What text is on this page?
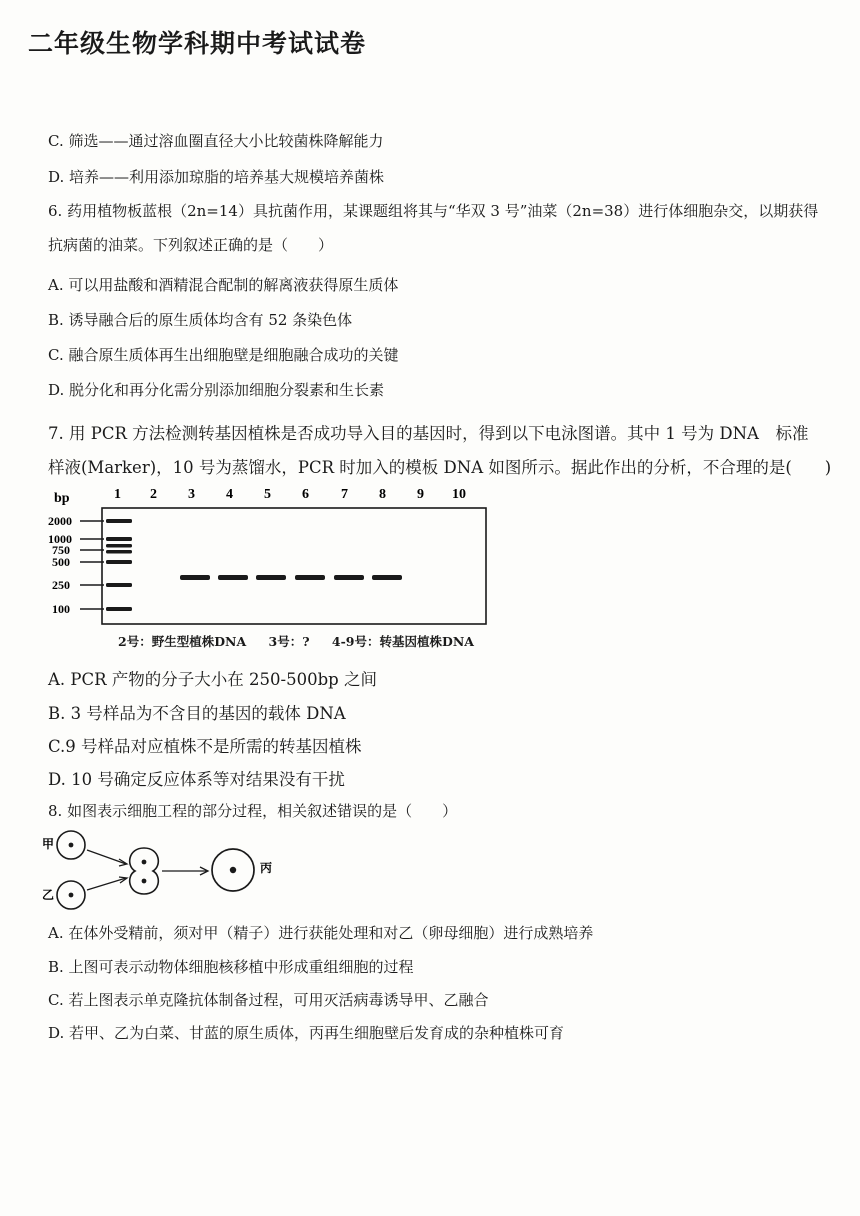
二年级生物学科期中考试试卷
C. 筛选——通过溶血圈直径大小比较菌株降解能力
D. 培养——利用添加琼脂的培养基大规模培养菌株
6. 药用植物板蓝根（2n=14）具抗菌作用，某课题组将其与“华双 3 号”油菜（2n=38）进行体细胞杂交，以期获得
抗病菌的油菜。下列叙述正确的是（　　）
A. 可以用盐酸和酒精混合配制的解离液获得原生质体
B. 诱导融合后的原生质体均含有 52 条染色体
C. 融合原生质体再生出细胞壁是细胞融合成功的关键
D. 脱分化和再分化需分别添加细胞分裂素和生长素
7. 用 PCR 方法检测转基因植株是否成功导入目的基因时，得到以下电泳图谱。其中 1 号为 DNA　标准
样液(Marker)，10 号为蒸馏水，PCR 时加入的模板 DNA 如图所示。据此作出的分析，不合理的是(　　)
bp	1 2 3 4 5 6 7 8 9 10
2000
1000
750
500
250
100
2号：野生型植株DNA 3号：? 4-9号：转基因植株DNA
A. PCR 产物的分子大小在 250-500bp 之间
B. 3 号样品为不含目的基因的载体 DNA
C.9 号样品对应植株不是所需的转基因植株
D. 10 号确定反应体系等对结果没有干扰
8. 如图表示细胞工程的部分过程，相关叙述错误的是（　　）
甲
乙
丙
A. 在体外受精前，须对甲（精子）进行获能处理和对乙（卵母细胞）进行成熟培养
B. 上图可表示动物体细胞核移植中形成重组细胞的过程
C. 若上图表示单克隆抗体制备过程，可用灭活病毒诱导甲、乙融合
D. 若甲、乙为白菜、甘蓝的原生质体，丙再生细胞壁后发育成的杂种植株可育
